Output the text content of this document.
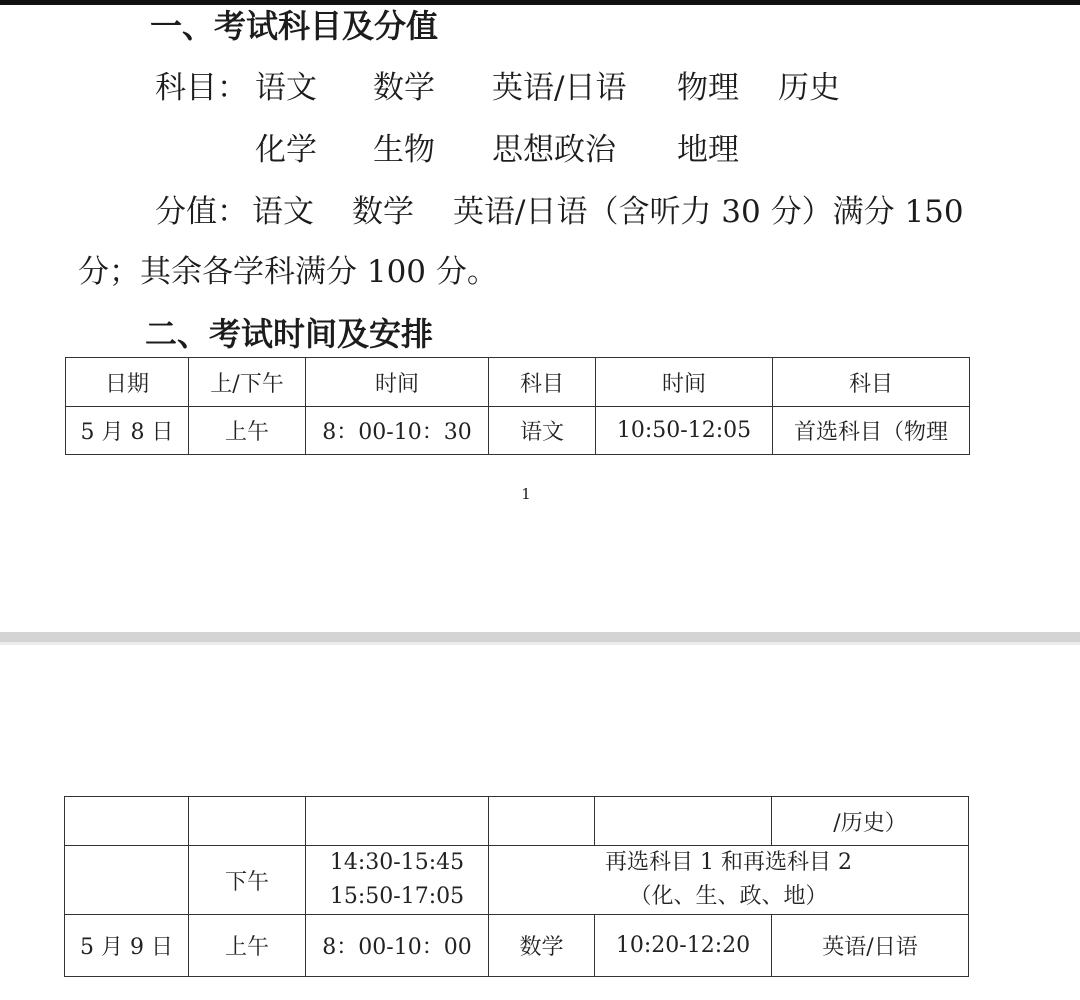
一、考试科目及分值
科目： 语文 数学 英语/日语 物理 历史
化学 生物 思想政治 地理
分值： 语文 数学 英语/日语（含听力 30 分）满分 150

分；其余各学科满分 100 分。

二、考试时间及安排
日期	上/下午	时间	科目	时间	科目
5 月 8 日	上午	8：00-10：30	语文	10:50-12:05	首选科目（物理
1
					/历史）
	下午	14:30-15:45
15:50-17:05	再选科目 1 和再选科目 2
（化、生、政、地）		

5 月 9 日	上午	8：00-10：00	数学	10:20-12:20	英语/日语
